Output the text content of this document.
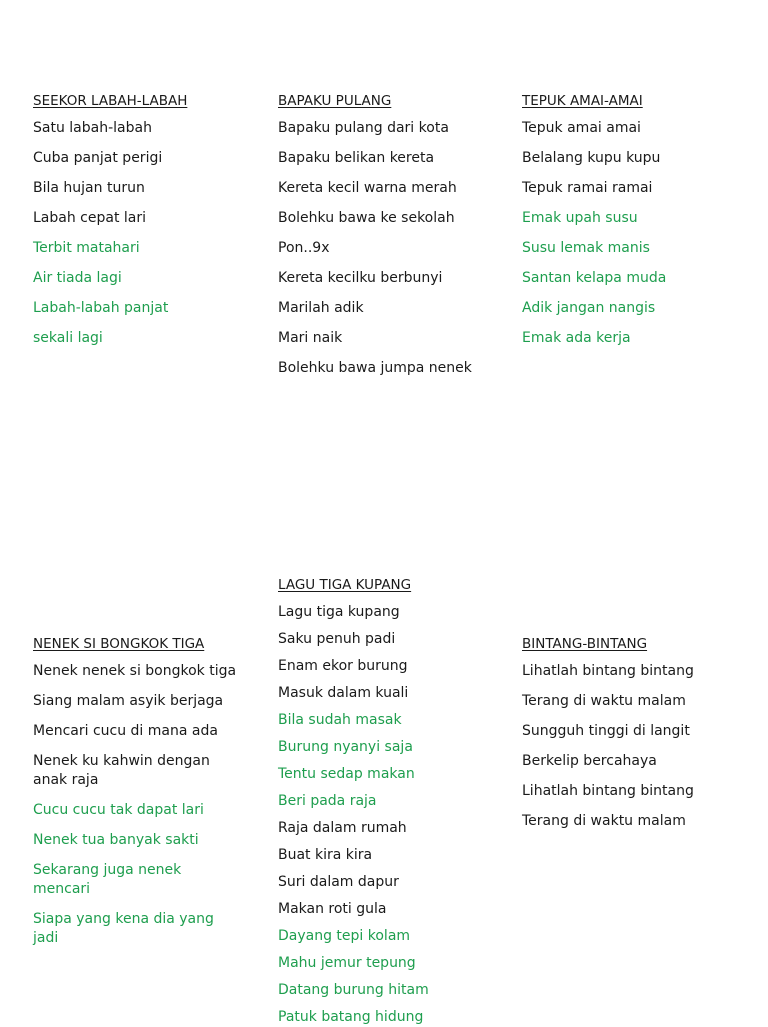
SEEKOR LABAH-LABAH
Satu labah-labah
Cuba panjat perigi
Bila hujan turun
Labah cepat lari
Terbit matahari
Air tiada lagi
Labah-labah panjat
sekali lagi
BAPAKU PULANG
Bapaku pulang dari kota
Bapaku belikan kereta
Kereta kecil warna merah
Bolehku bawa ke sekolah
Pon..9x
Kereta kecilku berbunyi
Marilah adik
Mari naik
Bolehku bawa jumpa nenek
TEPUK AMAI-AMAI
Tepuk amai amai
Belalang kupu kupu
Tepuk ramai ramai
Emak upah susu
Susu lemak manis
Santan kelapa muda
Adik jangan nangis
Emak ada kerja
NENEK SI BONGKOK TIGA
Nenek nenek si bongkok tiga
Siang malam asyik berjaga
Mencari cucu di mana ada
Nenek ku kahwin dengan anak raja
Cucu cucu tak dapat lari
Nenek tua banyak sakti
Sekarang juga nenek mencari
Siapa yang kena dia yang jadi
LAGU TIGA KUPANG
Lagu tiga kupang
Saku penuh padi
Enam ekor burung
Masuk dalam kuali
Bila sudah masak
Burung nyanyi saja
Tentu sedap makan
Beri pada raja
Raja dalam rumah
Buat kira kira
Suri dalam dapur
Makan roti gula
Dayang tepi kolam
Mahu jemur tepung
Datang burung hitam
Patuk batang hidung
BINTANG-BINTANG
Lihatlah bintang bintang
Terang di waktu malam
Sungguh tinggi di langit
Berkelip bercahaya
Lihatlah bintang bintang
Terang di waktu malam
